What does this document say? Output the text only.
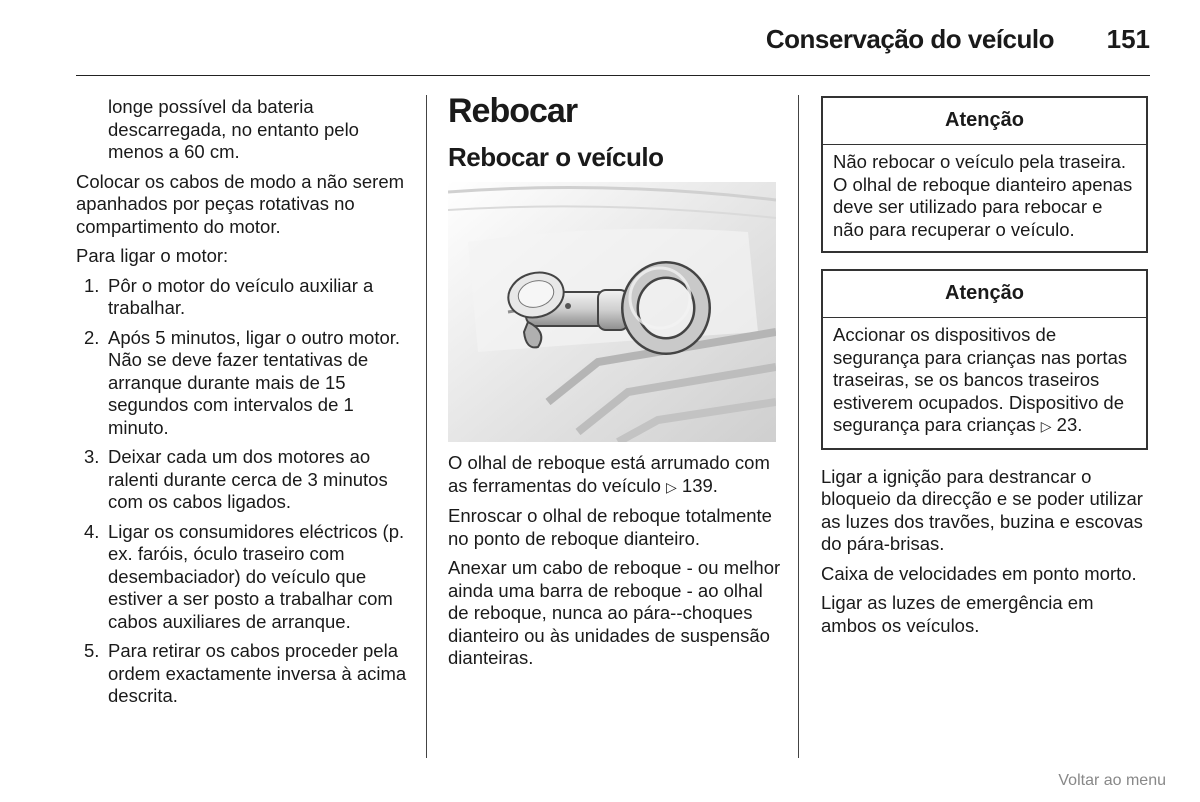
Conservação do veículo	151

longe possível da bateria descarregada, no entanto pelo menos a 60 cm.

Colocar os cabos de modo a não serem apanhados por peças rotativas no compartimento do motor.

Para ligar o motor:

1. Pôr o motor do veículo auxiliar a trabalhar.
2. Após 5 minutos, ligar o outro motor. Não se deve fazer tentativas de arranque durante mais de 15 segundos com intervalos de 1 minuto.
3. Deixar cada um dos motores ao ralenti durante cerca de 3 minutos com os cabos ligados.
4. Ligar os consumidores eléctricos (p. ex. faróis, óculo traseiro com desembaciador) do veículo que estiver a ser posto a trabalhar com cabos auxiliares de arranque.
5. Para retirar os cabos proceder pela ordem exactamente inversa à acima descrita.
Rebocar
Rebocar o veículo

O olhal de reboque está arrumado com as ferramentas do veículo ▷ 139.

Enroscar o olhal de reboque totalmente no ponto de reboque dianteiro.

Anexar um cabo de reboque - ou melhor ainda uma barra de reboque - ao olhal de reboque, nunca ao pára--choques dianteiro ou às unidades de suspensão dianteiras.

Atenção
Não rebocar o veículo pela traseira. O olhal de reboque dianteiro apenas deve ser utilizado para rebocar e não para recuperar o veículo.
Atenção
Accionar os dispositivos de segurança para crianças nas portas traseiras, se os bancos traseiros estiverem ocupados. Dispositivo de segurança para crianças ▷ 23.

Ligar a ignição para destrancar o bloqueio da direcção e se poder utilizar as luzes dos travões, buzina e escovas do pára-brisas.

Caixa de velocidades em ponto morto.

Ligar as luzes de emergência em ambos os veículos.

Voltar ao menu
